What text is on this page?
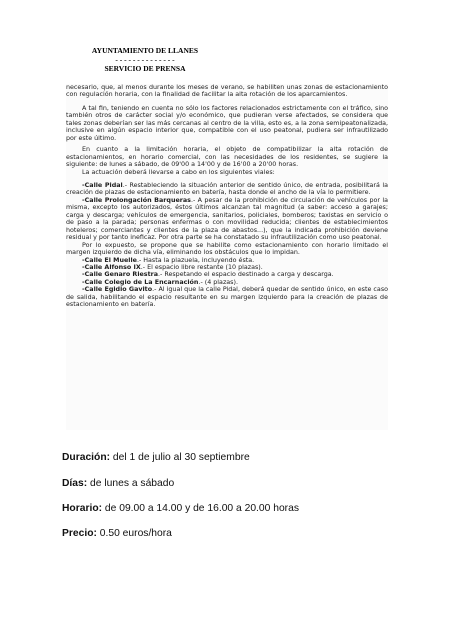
AYUNTAMIENTO DE LLANES
- - - - - - - - - - - - - -
SERVICIO DE PRENSA

necesario, que, al menos durante los meses de verano, se habiliten unas zonas de estacionamiento con regulación horaria, con la finalidad de facilitar la alta rotación de los aparcamientos.

A tal fin, teniendo en cuenta no sólo los factores relacionados estrictamente con el tráfico, sino también otros de carácter social y/o económico, que pudieran verse afectados, se considera que tales zonas deberían ser las más cercanas al centro de la villa, esto es, a la zona semipeatonalizada, inclusive en algún espacio interior que, compatible con el uso peatonal, pudiera ser infrautilizado por este último.

En cuanto a la limitación horaria, el objeto de compatibilizar la alta rotación de estacionamientos, en horario comercial, con las necesidades de los residentes, se sugiere la siguiente: de lunes a sábado, de 09'00 a 14'00 y de 16'00 a 20'00 horas.

La actuación deberá llevarse a cabo en los siguientes viales:

-Calle Pidal.- Restableciendo la situación anterior de sentido único, de entrada, posibilitará la creación de plazas de estacionamiento en batería, hasta donde el ancho de la vía lo permitiere.

-Calle Prolongación Barqueras.- A pesar de la prohibición de circulación de vehículos por la misma, excepto los autorizados, éstos últimos alcanzan tal magnitud (a saber: acceso a garajes; carga y descarga; vehículos de emergencia, sanitarios, policiales, bomberos; taxistas en servicio o de paso a la parada; personas enfermas o con movilidad reducida; clientes de establecimientos hoteleros; comerciantes y clientes de la plaza de abastos...), que la indicada prohibición deviene residual y por tanto ineficaz. Por otra parte se ha constatado su infrautilización como uso peatonal.

Por lo expuesto, se propone que se habilite como estacionamiento con horario limitado el margen izquierdo de dicha vía, eliminando los obstáculos que lo impidan.

-Calle El Muelle.- Hasta la plazuela, incluyendo ésta.

-Calle Alfonso IX.- El espacio libre restante (10 plazas).

-Calle Genaro Riestra.- Respetando el espacio destinado a carga y descarga.

-Calle Colegio de La Encarnación.- (4 plazas).

-Calle Egidio Gavito.- Al igual que la calle Pidal, deberá quedar de sentido único, en este caso de salida, habilitando el espacio resultante en su margen izquierdo para la creación de plazas de estacionamiento en batería.

Duración: del 1 de julio al 30 septiembre
Días: de lunes a sábado
Horario: de 09.00 a 14.00 y de 16.00 a 20.00 horas
Precio: 0.50 euros/hora
